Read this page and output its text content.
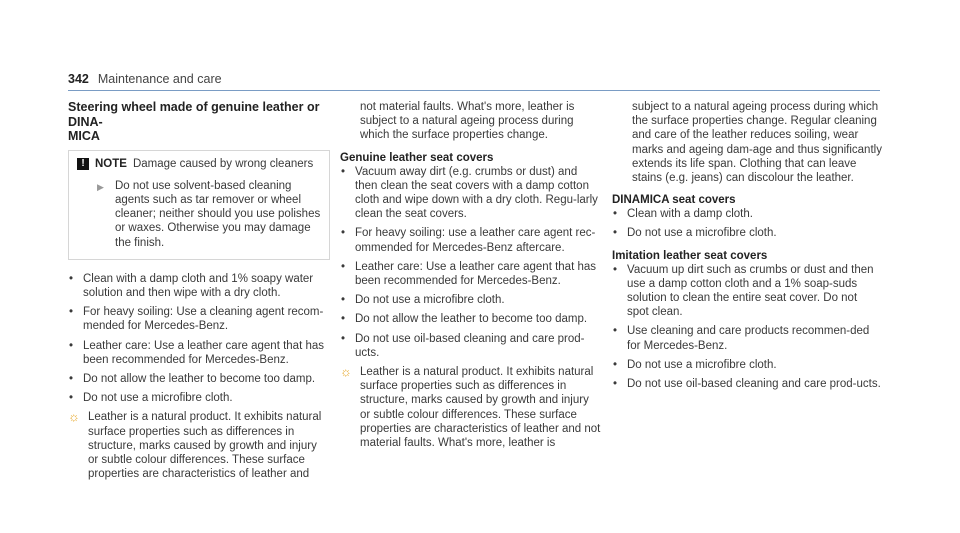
342 Maintenance and care
Steering wheel made of genuine leather or DINA-
MICA
! NOTE Damage caused by wrong cleaners
▶ Do not use solvent-based cleaning agents such as tar remover or wheel cleaner; neither should you use polishes or waxes. Otherwise you may damage the finish.
• Clean with a damp cloth and 1% soapy water solution and then wipe with a dry cloth.
• For heavy soiling: Use a cleaning agent recom-mended for Mercedes-Benz.
• Leather care: Use a leather care agent that has been recommended for Mercedes-Benz.
• Do not allow the leather to become too damp.
• Do not use a microfibre cloth.
☼ Leather is a natural product. It exhibits natural surface properties such as differences in structure, marks caused by growth and injury or subtle colour differences. These surface properties are characteristics of leather and
not material faults. What's more, leather is subject to a natural ageing process during which the surface properties change.
Genuine leather seat covers
• Vacuum away dirt (e.g. crumbs or dust) and then clean the seat covers with a damp cotton cloth and wipe down with a dry cloth. Regu-larly clean the seat covers.
• For heavy soiling: use a leather care agent rec-ommended for Mercedes-Benz aftercare.
• Leather care: Use a leather care agent that has been recommended for Mercedes-Benz.
• Do not use a microfibre cloth.
• Do not allow the leather to become too damp.
• Do not use oil-based cleaning and care prod-ucts.
☼ Leather is a natural product. It exhibits natural surface properties such as differences in structure, marks caused by growth and injury or subtle colour differences. These surface properties are characteristics of leather and not material faults. What's more, leather is
subject to a natural ageing process during which the surface properties change. Regular cleaning and care of the leather reduces soiling, wear marks and ageing dam-age and thus significantly extends its life span. Clothing that can leave stains (e.g. jeans) can discolour the leather.
DINAMICA seat covers
• Clean with a damp cloth.
• Do not use a microfibre cloth.
Imitation leather seat covers
• Vacuum up dirt such as crumbs or dust and then use a damp cotton cloth and a 1% soap-suds solution to clean the entire seat cover. Do not spot clean.
• Use cleaning and care products recommen-ded for Mercedes-Benz.
• Do not use a microfibre cloth.
• Do not use oil-based cleaning and care prod-ucts.
